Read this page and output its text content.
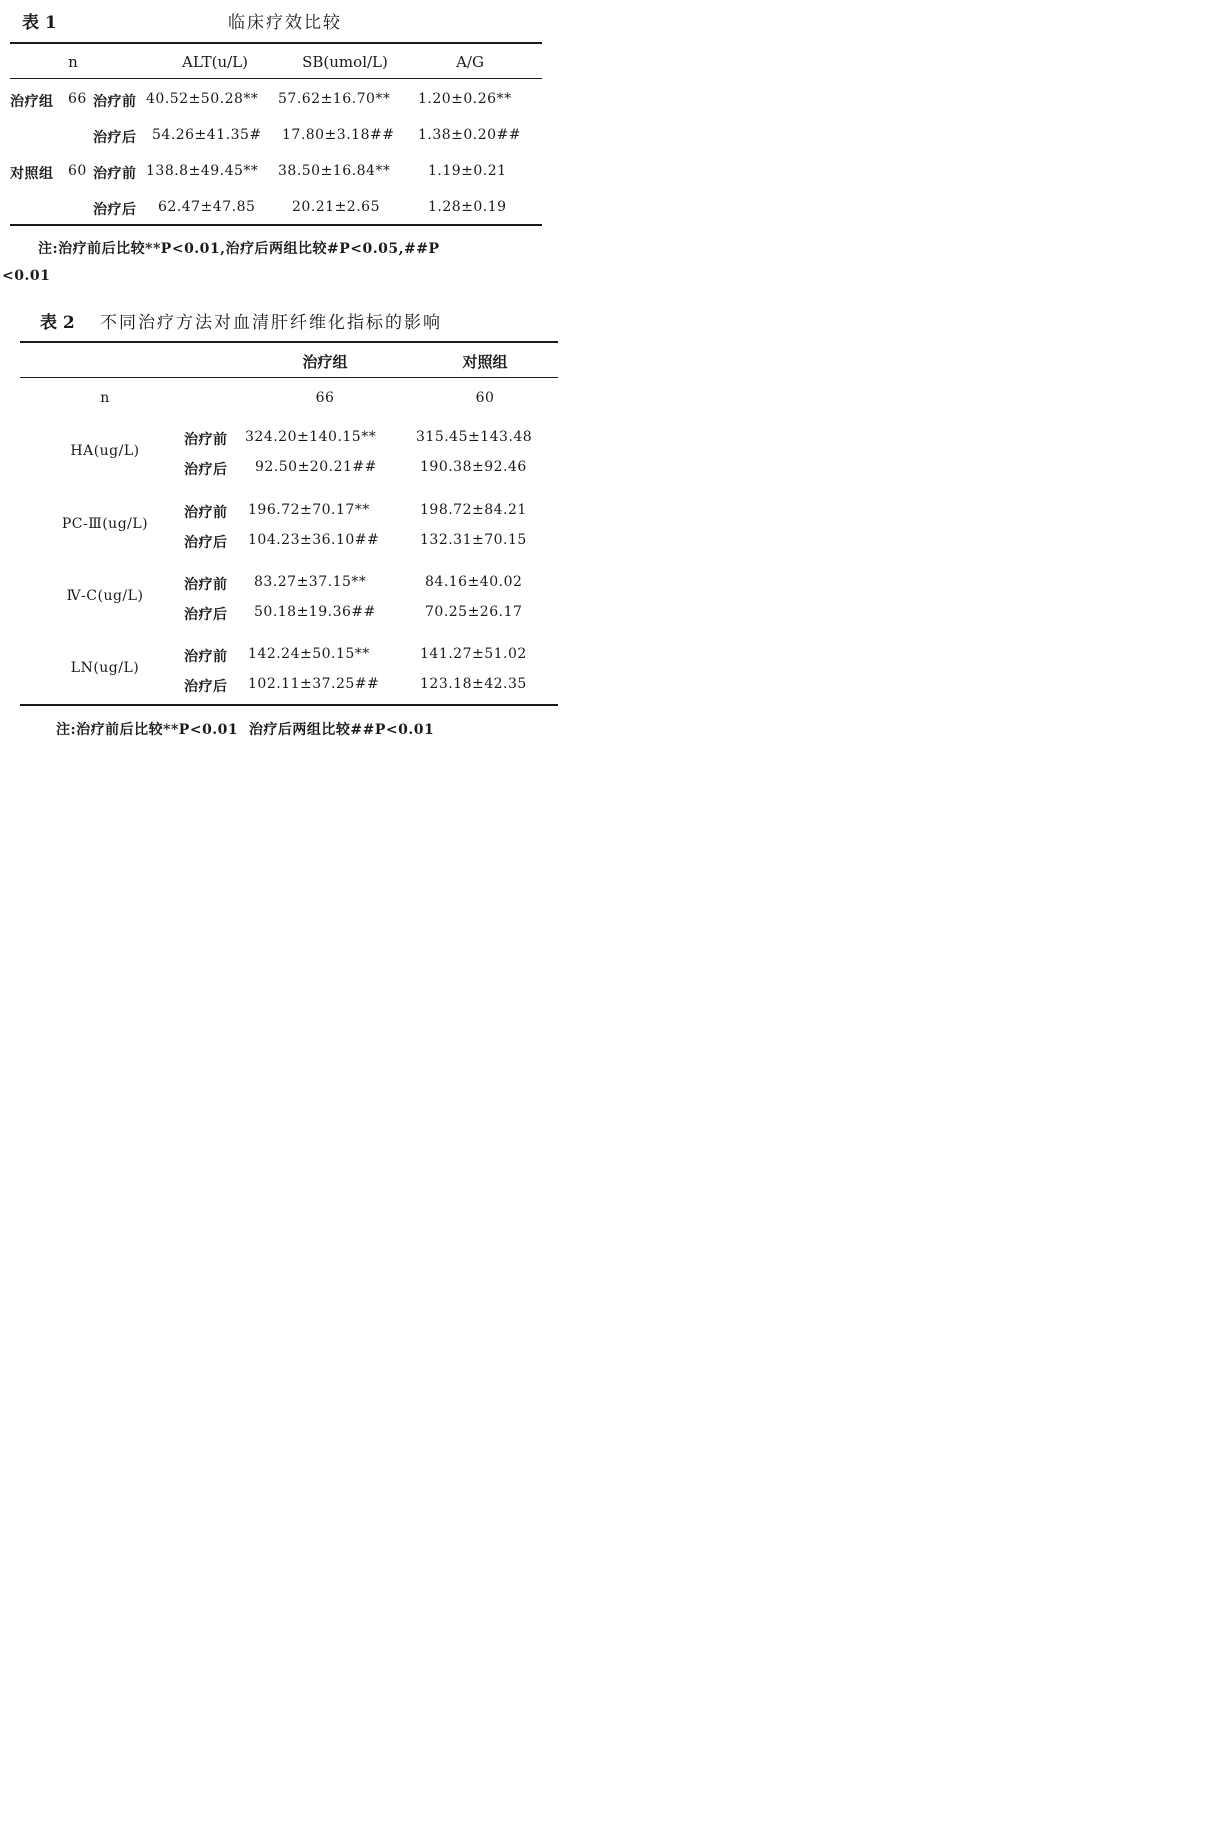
表 1	临床疗效比较
n	ALT(u/L)	SB(umol/L)	A/G
治疗组 66 治疗前 40.52±50.28** 57.62±16.70** 1.20±0.26**
治疗后 54.26±41.35# 17.80±3.18## 1.38±0.20##
对照组 60 治疗前 138.8±49.45** 38.50±16.84**	1.19±0.21
治疗后 62.47±47.85	20.21±2.65	1.28±0.19
注:治疗前后比较**P<0.01,治疗后两组比较#P<0.05,##P
<0.01
表 2 不同治疗方法对血清肝纤维化指标的影响
治疗组	对照组
n	66	60
HA(ug/L)
治疗前 324.20±140.15**	315.45±143.48
治疗后 92.50±20.21##	190.38±92.46
PC-Ⅲ(ug/L)
治疗前 196.72±70.17**	198.72±84.21
治疗后 104.23±36.10##	132.31±70.15
Ⅳ-C(ug/L)
治疗前 83.27±37.15**	84.16±40.02
治疗后 50.18±19.36##	70.25±26.17
LN(ug/L)
治疗前 142.24±50.15**	141.27±51.02
治疗后 102.11±37.25##	123.18±42.35
注:治疗前后比较**P<0.01  治疗后两组比较##P<0.01
